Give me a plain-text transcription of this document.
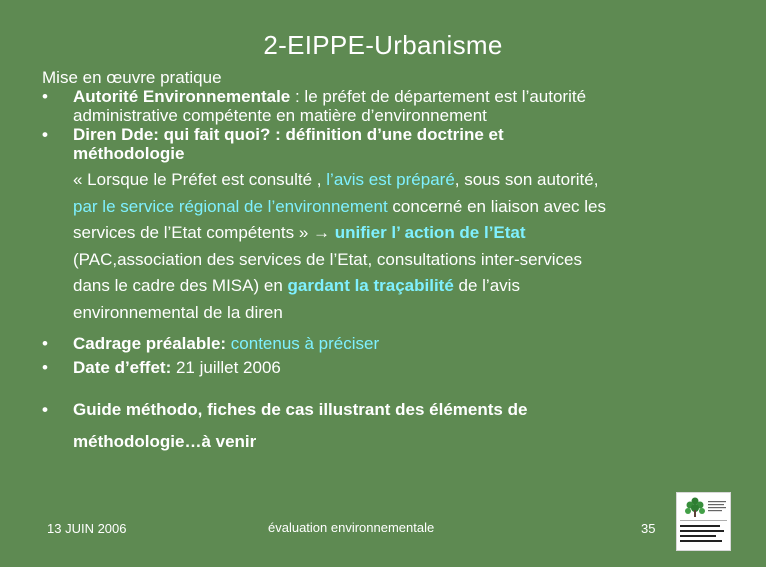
2-EIPPE-Urbanisme
Mise en œuvre pratique
•	Autorité Environnementale : le préfet de département est l’autorité
administrative compétente en matière d’environnement
•	Diren Dde: qui fait quoi? : définition d’une doctrine et
méthodologie
« Lorsque le Préfet est consulté , l’avis est préparé, sous son autorité,
par le service régional de l’environnement concerné en liaison avec les
services de l’Etat compétents » → unifier l’ action de l’Etat
(PAC,association des services de l’Etat, consultations inter-services
dans le cadre des MISA) en gardant la traçabilité de l’avis
environnemental de la diren
•	Cadrage préalable: contenus à préciser
•	Date d’effet: 21 juillet 2006
•	Guide méthodo, fiches de cas illustrant des éléments de
méthodologie…à venir
13 JUIN 2006	évaluation environnementale	35
